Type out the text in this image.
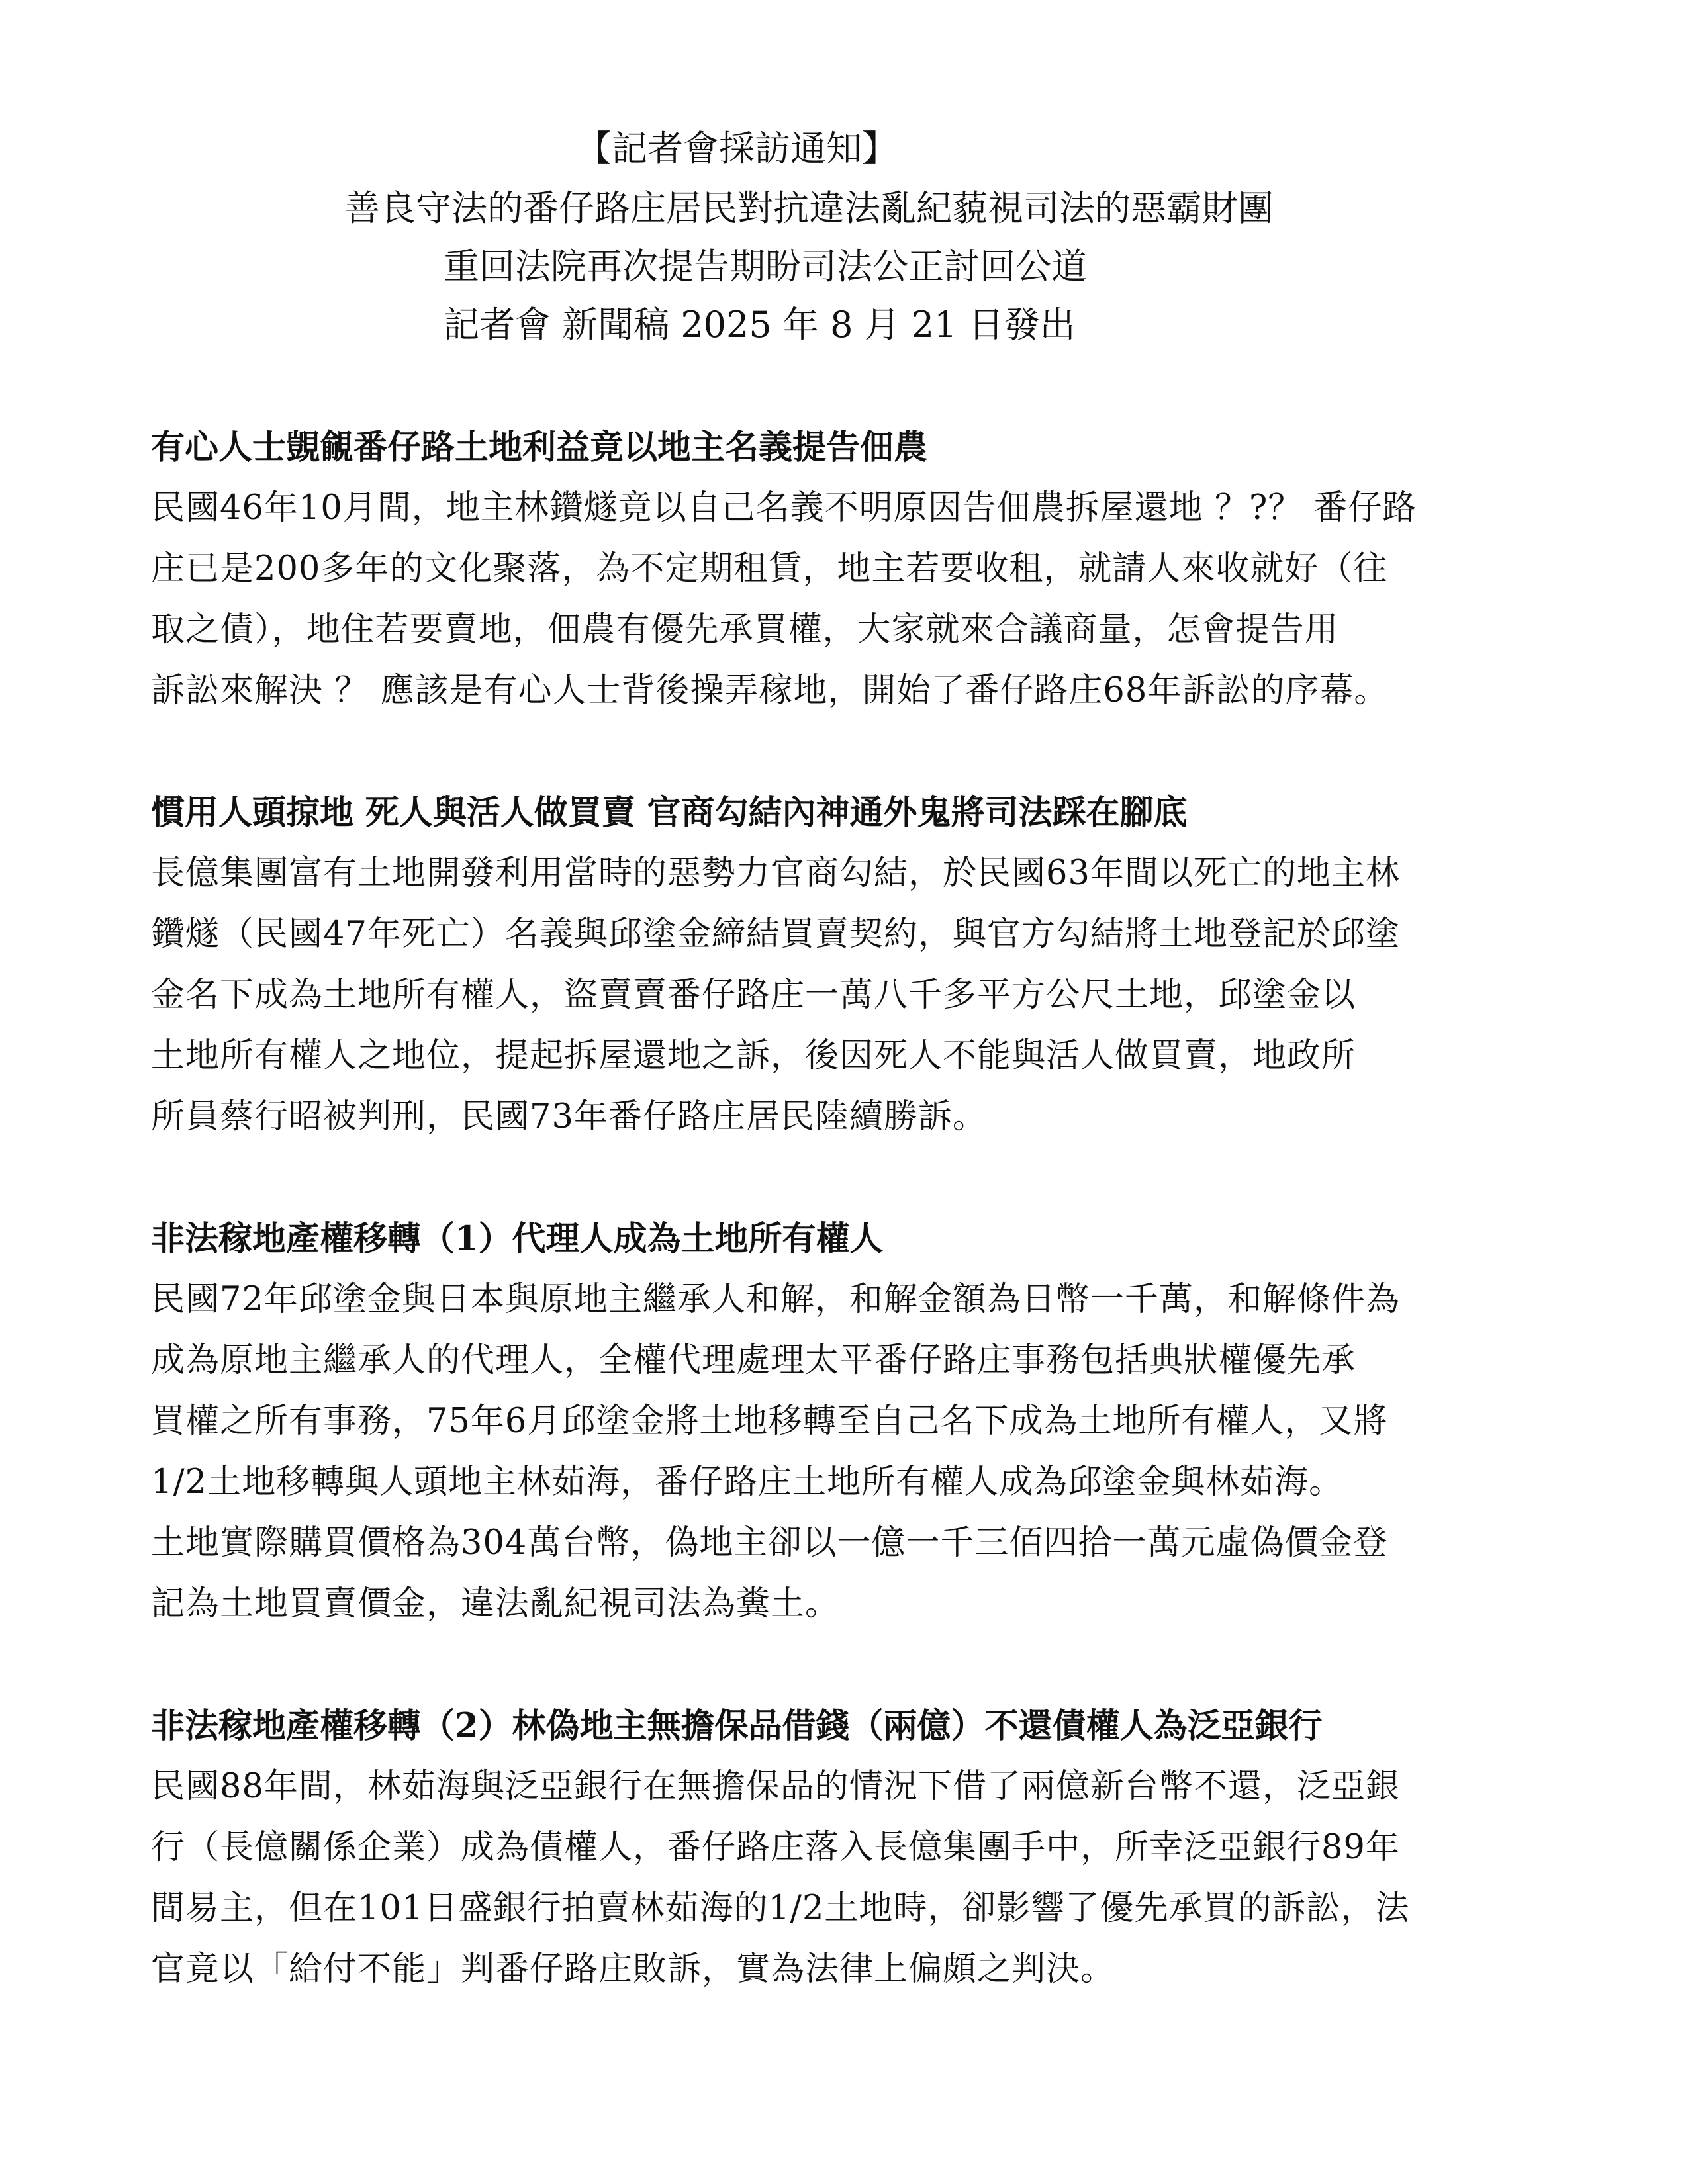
【記者會採訪通知】
善良守法的番仔路庄居民對抗違法亂紀藐視司法的惡霸財團
重回法院再次提告期盼司法公正討回公道
記者會 新聞稿 2025 年 8 月 21 日發出
有心人士覬覦番仔路土地利益竟以地主名義提告佃農
民國46年10月間，地主林鑽燧竟以自己名義不明原因告佃農拆屋還地 ？?？ 番仔路
庄已是200多年的文化聚落，為不定期租賃，地主若要收租，就請人來收就好（往
取之債），地住若要賣地，佃農有優先承買權，大家就來合議商量，怎會提告用
訴訟來解決 ？ 應該是有心人士背後操弄稼地，開始了番仔路庄68年訴訟的序幕。
慣用人頭掠地 死人與活人做買賣 官商勾結內神通外鬼將司法踩在腳底
長億集團富有土地開發利用當時的惡勢力官商勾結，於民國63年間以死亡的地主林
鑽燧（民國47年死亡）名義與邱塗金締結買賣契約，與官方勾結將土地登記於邱塗
金名下成為土地所有權人，盜賣賣番仔路庄一萬八千多平方公尺土地，邱塗金以
土地所有權人之地位，提起拆屋還地之訴，後因死人不能與活人做買賣，地政所
所員蔡行昭被判刑，民國73年番仔路庄居民陸續勝訴。
非法稼地產權移轉（1）代理人成為土地所有權人
民國72年邱塗金與日本與原地主繼承人和解，和解金額為日幣一千萬，和解條件為
成為原地主繼承人的代理人，全權代理處理太平番仔路庄事務包括典狀權優先承
買權之所有事務，75年6月邱塗金將土地移轉至自己名下成為土地所有權人，又將
1/2土地移轉與人頭地主林茹海，番仔路庄土地所有權人成為邱塗金與林茹海。
土地實際購買價格為304萬台幣，偽地主卻以一億一千三佰四拾一萬元虛偽價金登
記為土地買賣價金，違法亂紀視司法為糞土。
非法稼地產權移轉（2）林偽地主無擔保品借錢（兩億）不還債權人為泛亞銀行
民國88年間，林茹海與泛亞銀行在無擔保品的情況下借了兩億新台幣不還，泛亞銀
行（長億關係企業）成為債權人，番仔路庄落入長億集團手中，所幸泛亞銀行89年
間易主，但在101日盛銀行拍賣林茹海的1/2土地時，卻影響了優先承買的訴訟，法
官竟以「給付不能」判番仔路庄敗訴，實為法律上偏頗之判決。
